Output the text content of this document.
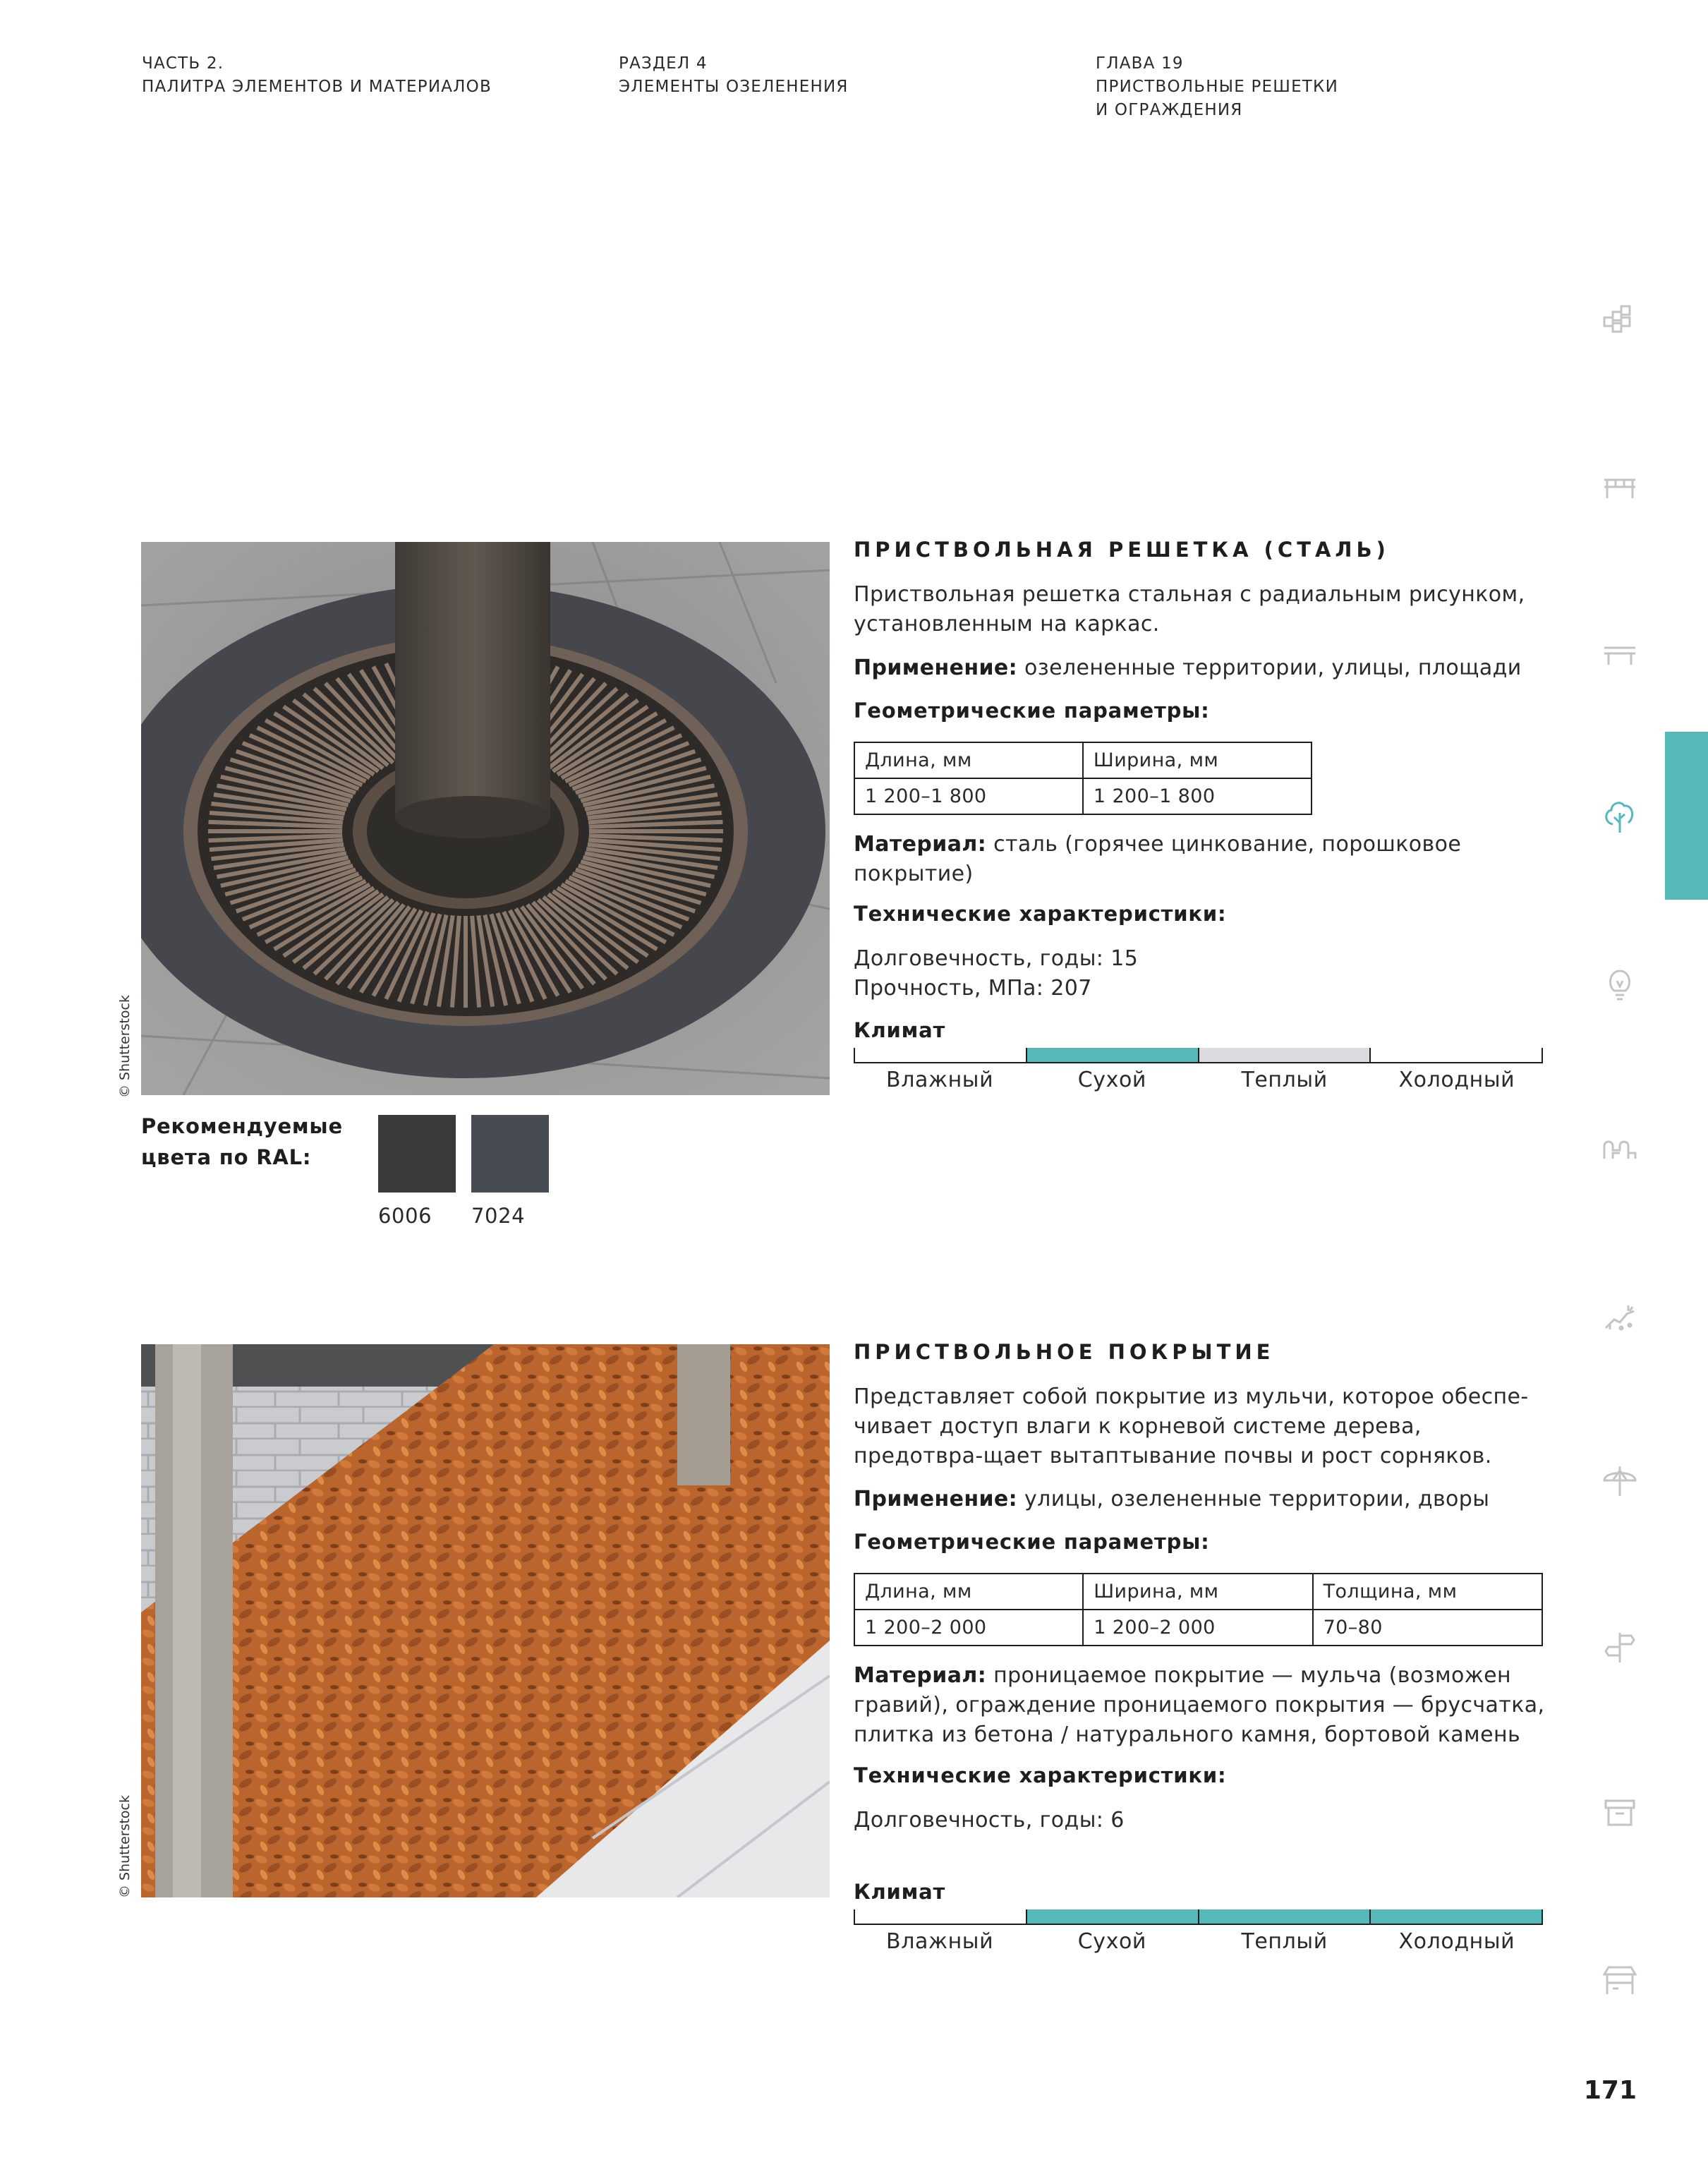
ЧАСТЬ 2.
ПАЛИТРА ЭЛЕМЕНТОВ И МАТЕРИАЛОВ
РАЗДЕЛ 4
ЭЛЕМЕНТЫ ОЗЕЛЕНЕНИЯ
ГЛАВА 19
ПРИСТВОЛЬНЫЕ РЕШЕТКИ
И ОГРАЖДЕНИЯ
© Shutterstock
ПРИСТВОЛЬНАЯ РЕШЕТКА (СТАЛЬ)
Приствольная решетка стальная с радиальным рисунком, установленным на каркас.
Применение: озелененные территории, улицы, площади
Геометрические параметры:
Длина, мм	Ширина, мм
1 200–1 800	1 200–1 800
Материал: сталь (горячее цинкование, порошковое покрытие)
Технические характеристики:
Долговечность, годы: 15
Прочность, МПа: 207
Климат
Влажный	Сухой	Теплый	Холодный
Рекомендуемые
цвета по RAL:
6006 7024
© Shutterstock
ПРИСТВОЛЬНОЕ ПОКРЫТИЕ
Представляет собой покрытие из мульчи, которое обеспе-чивает доступ влаги к корневой системе дерева, предотвра-щает вытаптывание почвы и рост сорняков.
Применение: улицы, озелененные территории, дворы
Геометрические параметры:
Длина, мм	Ширина, мм	Толщина, мм
1 200–2 000	1 200–2 000	70–80
Материал: проницаемое покрытие — мульча (возможен гравий), ограждение проницаемого покрытия — брусчатка, плитка из бетона / натурального камня, бортовой камень
Технические характеристики:
Долговечность, годы: 6
Климат
Влажный	Сухой	Теплый	Холодный
171
